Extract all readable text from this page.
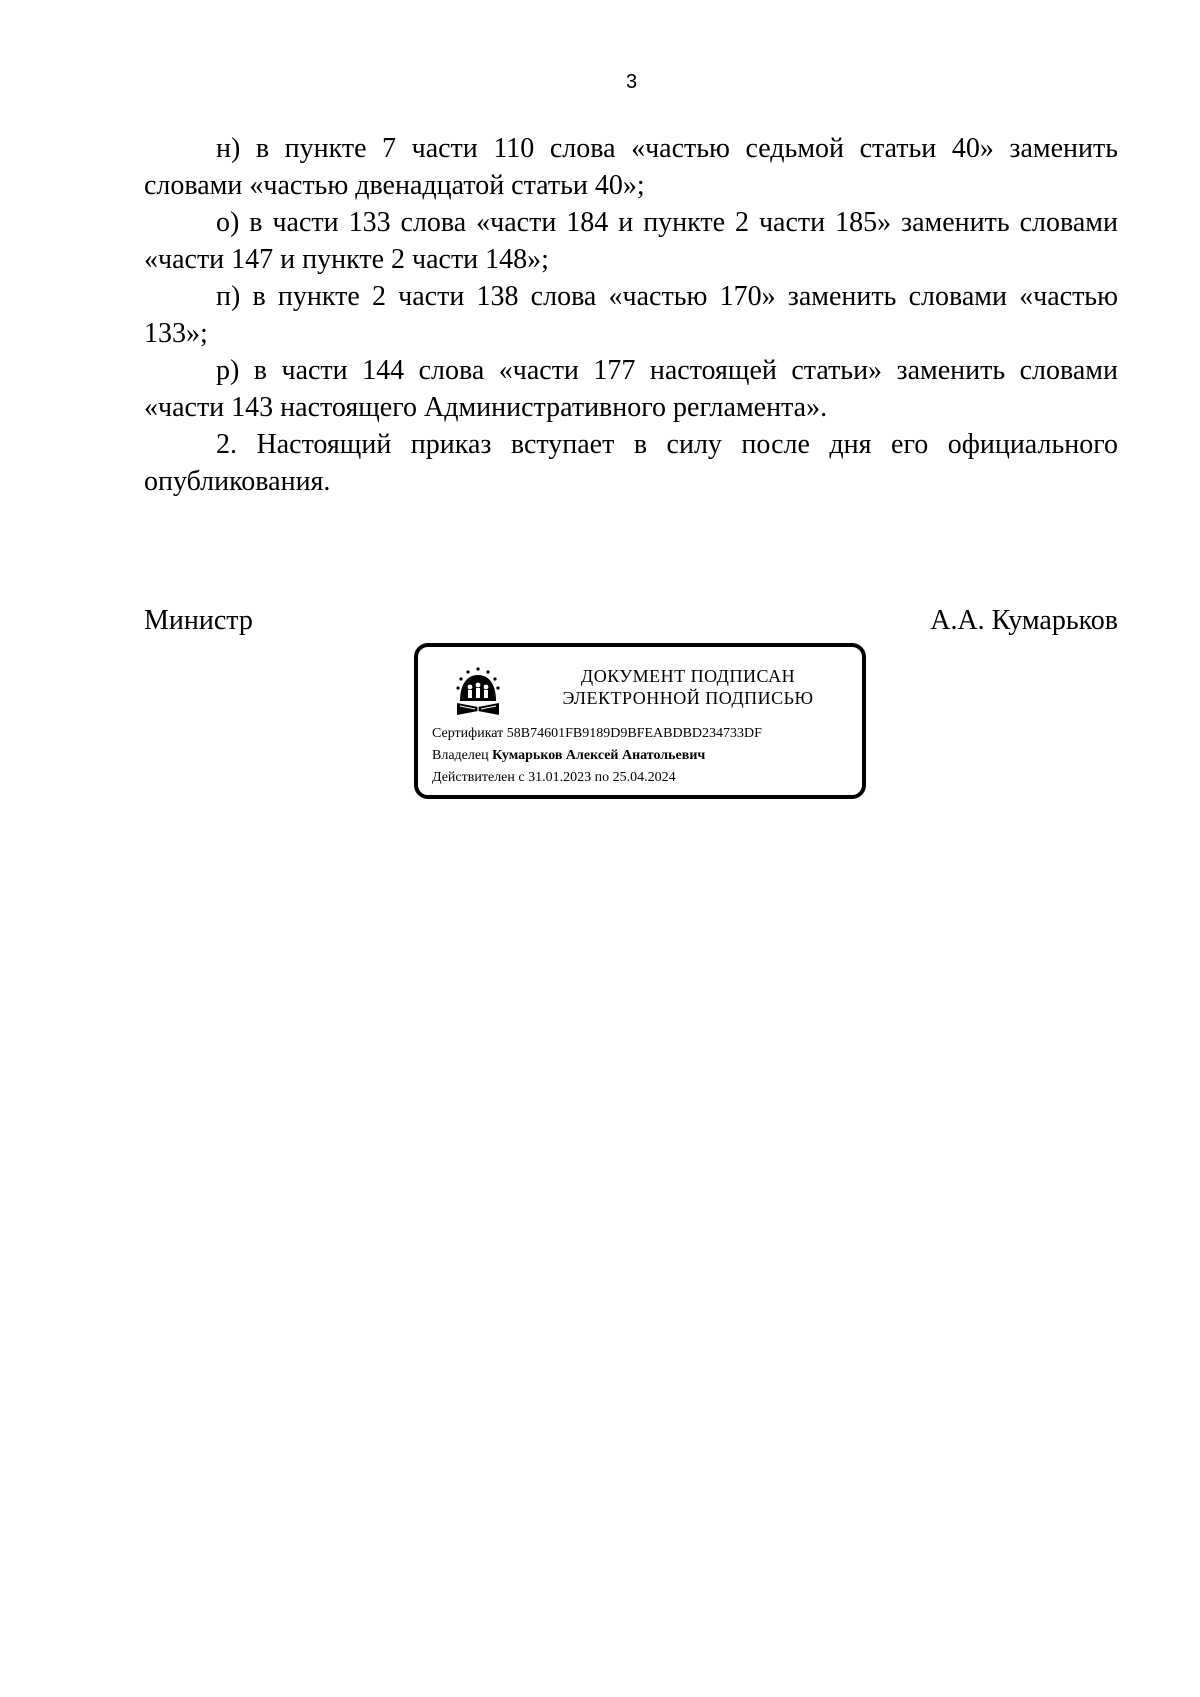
3

н) в пункте 7 части 110 слова «частью седьмой статьи 40» заменить словами «частью двенадцатой статьи 40»;

о) в части 133 слова «части 184 и пункте 2 части 185» заменить словами «части 147 и пункте 2 части 148»;

п) в пункте 2 части 138 слова «частью 170» заменить словами «частью 133»;

р) в части 144 слова «части 177 настоящей статьи» заменить словами «части 143 настоящего Административного регламента».

2. Настоящий приказ вступает в силу после дня его официального опубликования.

Министр	А.А. Кумарьков
ДОКУМЕНТ ПОДПИСАН
ЭЛЕКТРОННОЙ ПОДПИСЬЮ
Сертификат 58B74601FB9189D9BFEABDBD234733DF
Владелец Кумарьков Алексей Анатольевич
Действителен с 31.01.2023 по 25.04.2024
